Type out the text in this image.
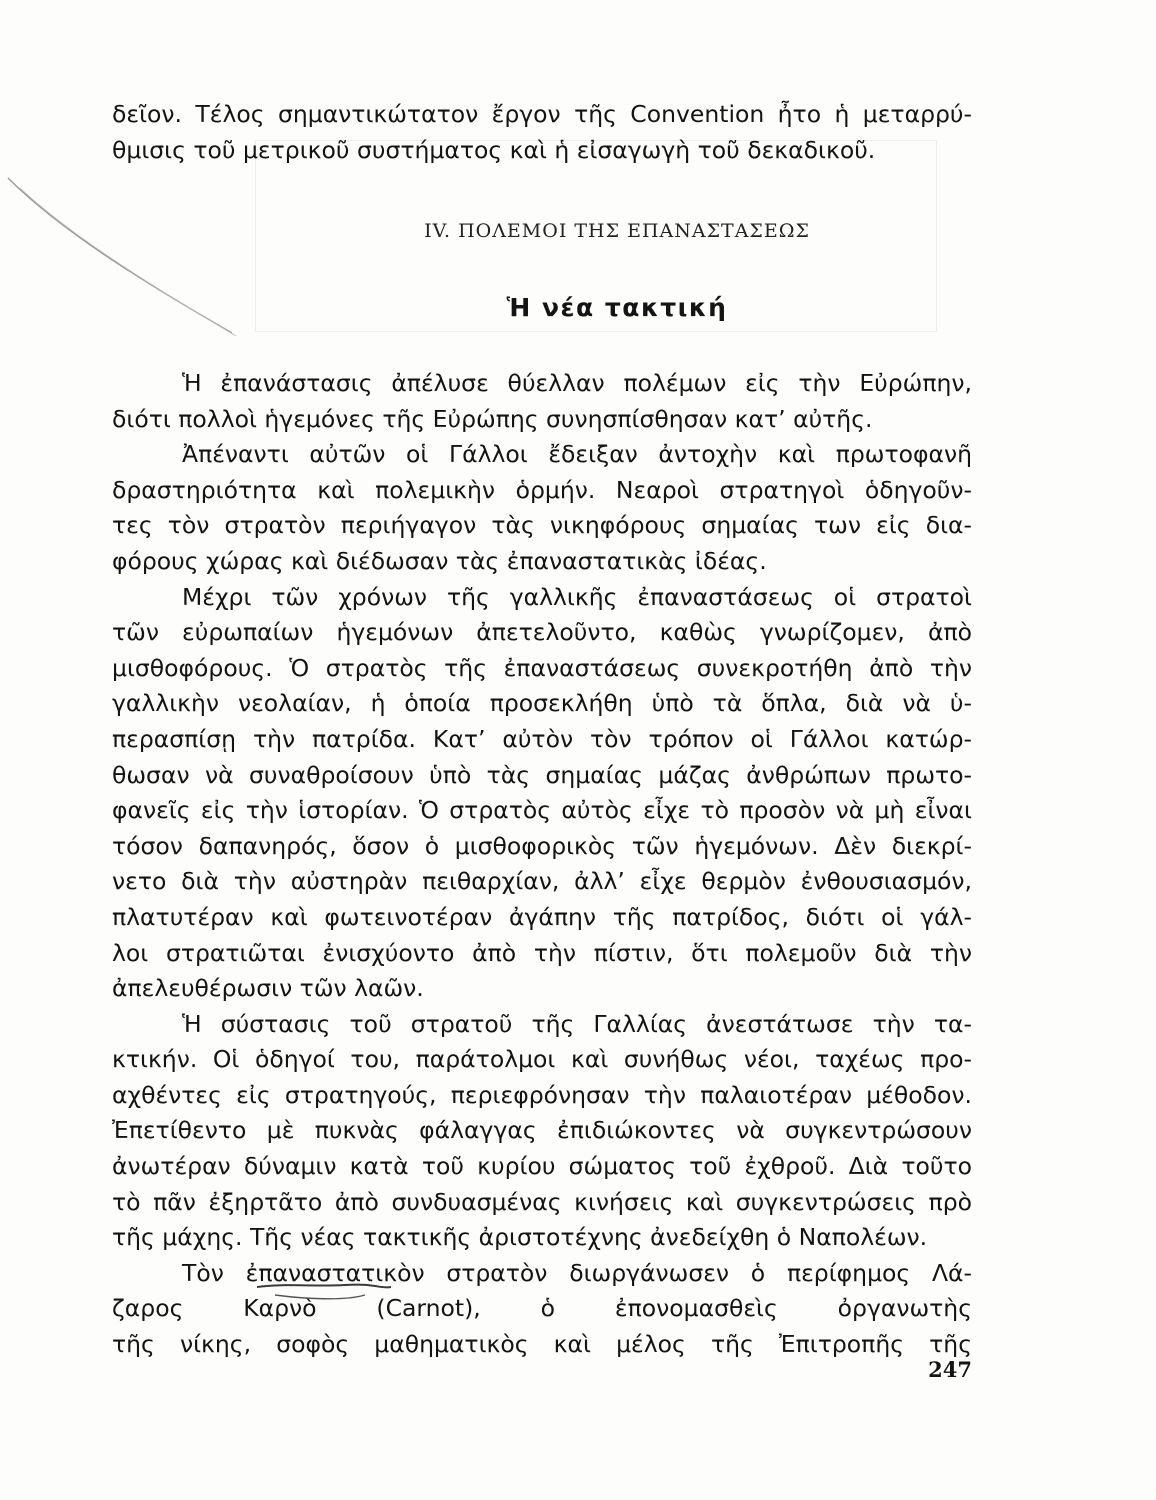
δεῖον. Τέλος σημαντικώτατον ἔργον τῆς Convention ἦτο ἡ μεταρρύ-
θμισις τοῦ μετρικοῦ συστήματος καὶ ἡ εἰσαγωγὴ τοῦ δεκαδικοῦ.
IV. ΠΟΛΕΜΟΙ ΤΗΣ ΕΠΑΝΑΣΤΑΣΕΩΣ
Ἡ νέα τακτική
Ἡ ἐπανάστασις ἀπέλυσε θύελλαν πολέμων εἰς τὴν Εὐρώπην,
διότι πολλοὶ ἡγεμόνες τῆς Εὐρώπης συνησπίσθησαν κατ’ αὐτῆς.
Ἀπέναντι αὐτῶν οἱ Γάλλοι ἔδειξαν ἀντοχὴν καὶ πρωτοφανῆ
δραστηριότητα καὶ πολεμικὴν ὁρμήν. Νεαροὶ στρατηγοὶ ὁδηγοῦν-
τες τὸν στρατὸν περιήγαγον τὰς νικηφόρους σημαίας των εἰς δια-
φόρους χώρας καὶ διέδωσαν τὰς ἐπαναστατικὰς ἰδέας.
Μέχρι τῶν χρόνων τῆς γαλλικῆς ἐπαναστάσεως οἱ στρατοὶ
τῶν εὐρωπαίων ἡγεμόνων ἀπετελοῦντο, καθὼς γνωρίζομεν, ἀπὸ
μισθοφόρους. Ὁ στρατὸς τῆς ἐπαναστάσεως συνεκροτήθη ἀπὸ τὴν
γαλλικὴν νεολαίαν, ἡ ὁποία προσεκλήθη ὑπὸ τὰ ὅπλα, διὰ νὰ ὑ-
περασπίσῃ τὴν πατρίδα. Κατ’ αὐτὸν τὸν τρόπον οἱ Γάλλοι κατώρ-
θωσαν νὰ συναθροίσουν ὑπὸ τὰς σημαίας μάζας ἀνθρώπων πρωτο-
φανεῖς εἰς τὴν ἱστορίαν. Ὁ στρατὸς αὐτὸς εἶχε τὸ προσὸν νὰ μὴ εἶναι
τόσον δαπανηρός, ὅσον ὁ μισθοφορικὸς τῶν ἡγεμόνων. Δὲν διεκρί-
νετο διὰ τὴν αὐστηρὰν πειθαρχίαν, ἀλλ’ εἶχε θερμὸν ἐνθουσιασμόν,
πλατυτέραν καὶ φωτεινοτέραν ἀγάπην τῆς πατρίδος, διότι οἱ γάλ-
λοι στρατιῶται ἐνισχύοντο ἀπὸ τὴν πίστιν, ὅτι πολεμοῦν διὰ τὴν
ἀπελευθέρωσιν τῶν λαῶν.
Ἡ σύστασις τοῦ στρατοῦ τῆς Γαλλίας ἀνεστάτωσε τὴν τα-
κτικήν. Οἱ ὁδηγοί του, παράτολμοι καὶ συνήθως νέοι, ταχέως προ-
αχθέντες εἰς στρατηγούς, περιεφρόνησαν τὴν παλαιοτέραν μέθοδον.
Ἐπετίθεντο μὲ πυκνὰς φάλαγγας ἐπιδιώκοντες νὰ συγκεντρώσουν
ἀνωτέραν δύναμιν κατὰ τοῦ κυρίου σώματος τοῦ ἐχθροῦ. Διὰ τοῦτο
τὸ πᾶν ἐξηρτᾶτο ἀπὸ συνδυασμένας κινήσεις καὶ συγκεντρώσεις πρὸ
τῆς μάχης. Τῆς νέας τακτικῆς ἀριστοτέχνης ἀνεδείχθη ὁ Ναπολέων.
Τὸν ἐπαναστατικὸν στρατὸν διωργάνωσεν ὁ περίφημος Λά-
ζαρος Καρνὸ (Carnot), ὁ ἐπονομασθεὶς ὀργανωτὴς
τῆς νίκης, σοφὸς μαθηματικὸς καὶ μέλος τῆς Ἐπιτροπῆς τῆς
247
